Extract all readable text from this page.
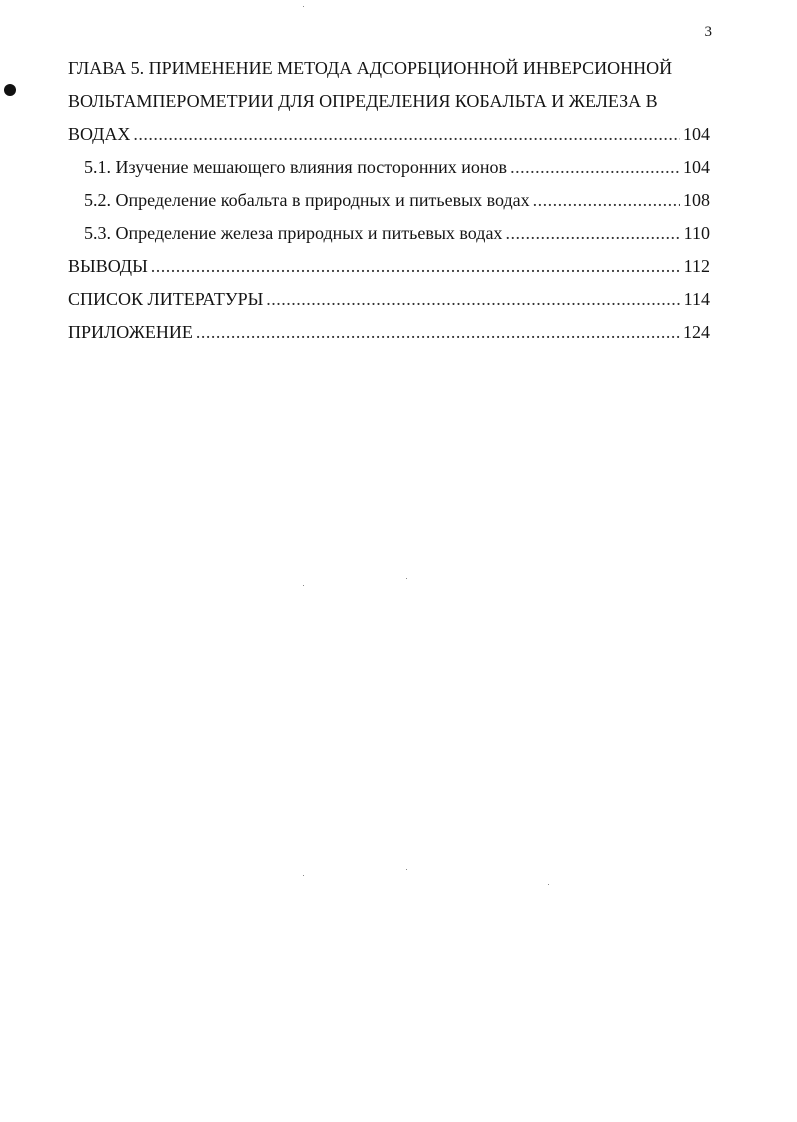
3
ГЛАВА 5. ПРИМЕНЕНИЕ МЕТОДА АДСОРБЦИОННОЙ ИНВЕРСИОННОЙ
ВОЛЬТАМПЕРОМЕТРИИ ДЛЯ ОПРЕДЕЛЕНИЯ КОБАЛЬТА И ЖЕЛЕЗА В
ВОДАХ .....	104
5.1. Изучение мешающего влияния посторонних ионов .....	104
5.2. Определение кобальта в природных и питьевых водах .....	108
5.3. Определение железа природных и питьевых водах .....	110
ВЫВОДЫ .....	112
СПИСОК ЛИТЕРАТУРЫ .....	114
ПРИЛОЖЕНИЕ .....	124
